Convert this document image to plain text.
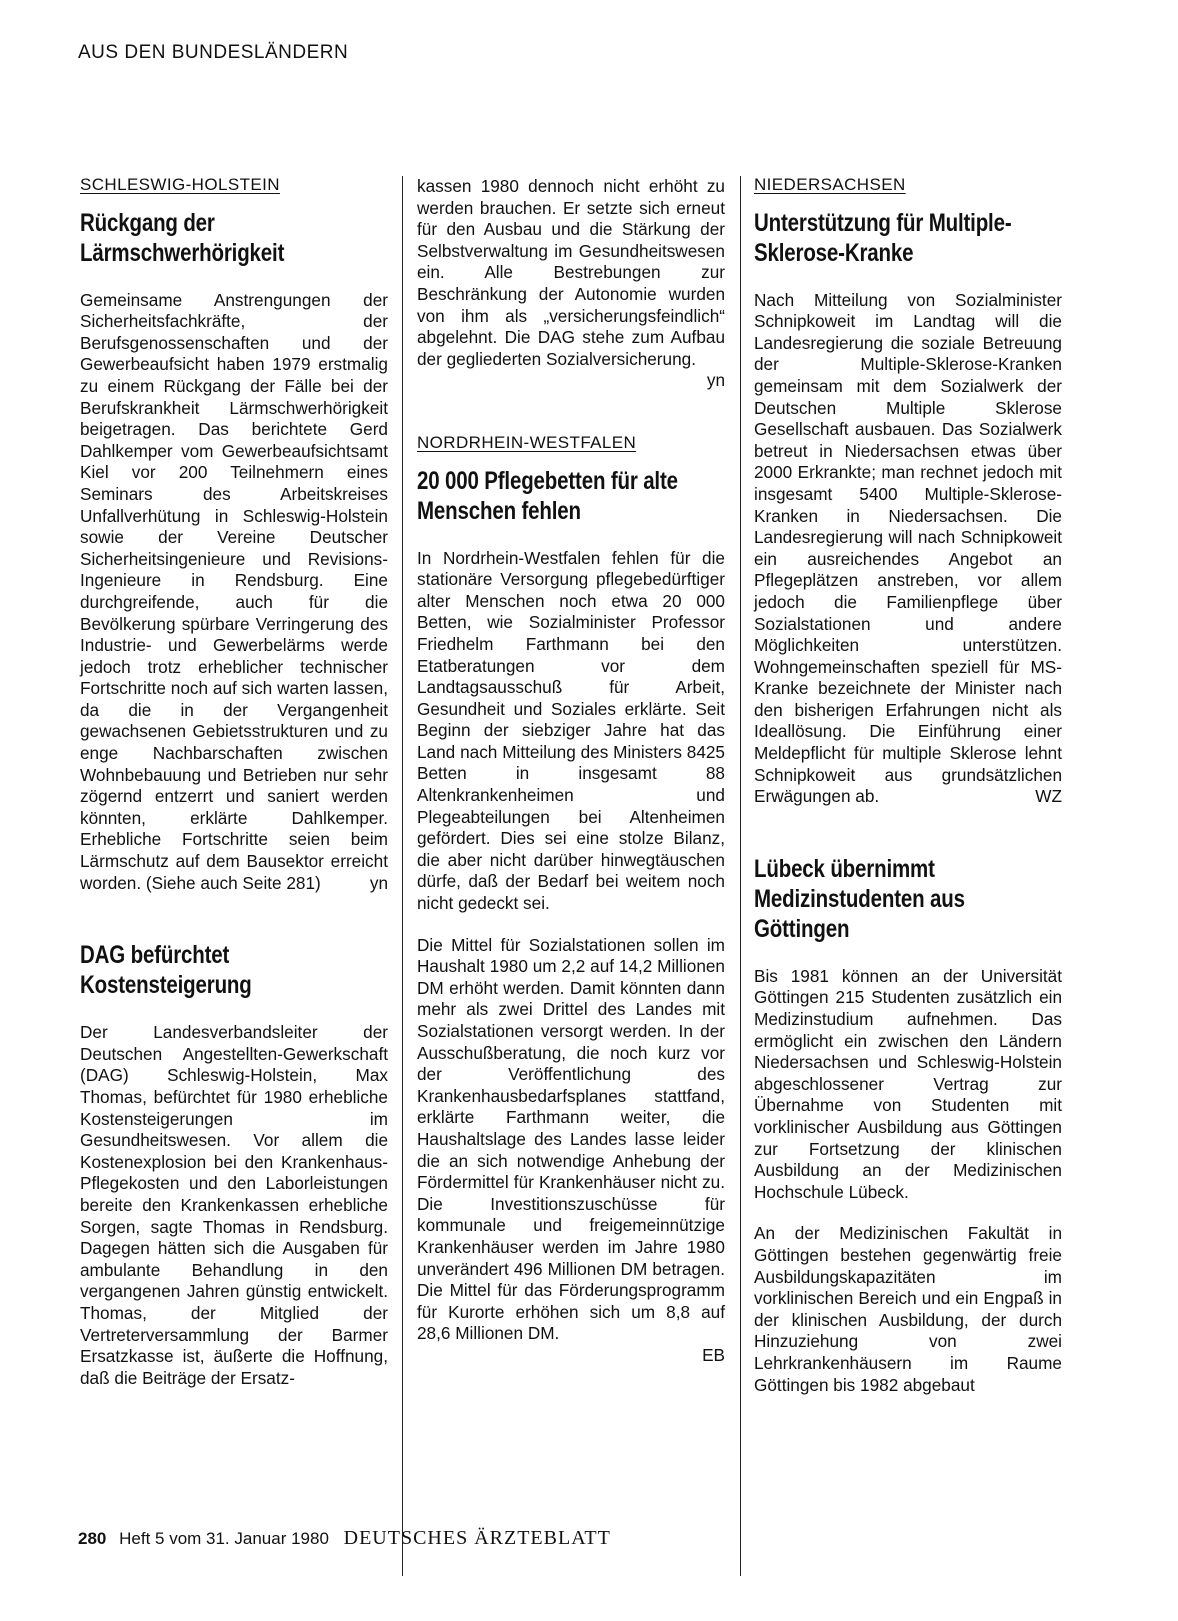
AUS DEN BUNDESLÄNDERN
SCHLESWIG-HOLSTEIN
Rückgang der Lärmschwerhörigkeit

Gemeinsame Anstrengungen der Sicherheitsfachkräfte, der Berufsgenossenschaften und der Gewerbeaufsicht haben 1979 erstmalig zu einem Rückgang der Fälle bei der Berufskrankheit Lärmschwerhörigkeit beigetragen. Das berichtete Gerd Dahlkemper vom Gewerbeaufsichtsamt Kiel vor 200 Teilnehmern eines Seminars des Arbeitskreises Unfallverhütung in Schleswig-Holstein sowie der Vereine Deutscher Sicherheitsingenieure und Revisions-Ingenieure in Rendsburg. Eine durchgreifende, auch für die Bevölkerung spürbare Verringerung des Industrie- und Gewerbelärms werde jedoch trotz erheblicher technischer Fortschritte noch auf sich warten lassen, da die in der Vergangenheit gewachsenen Gebietsstrukturen und zu enge Nachbarschaften zwischen Wohnbebauung und Betrieben nur sehr zögernd entzerrt und saniert werden könnten, erklärte Dahlkemper. Erhebliche Fortschritte seien beim Lärmschutz auf dem Bausektor erreicht worden. (Siehe auch Seite 281)	yn

DAG befürchtet Kostensteigerung

Der Landesverbandsleiter der Deutschen Angestellten-Gewerkschaft (DAG) Schleswig-Holstein, Max Thomas, befürchtet für 1980 erhebliche Kostensteigerungen im Gesundheitswesen. Vor allem die Kostenexplosion bei den Krankenhaus-Pflegekosten und den Laborleistungen bereite den Krankenkassen erhebliche Sorgen, sagte Thomas in Rendsburg. Dagegen hätten sich die Ausgaben für ambulante Behandlung in den vergangenen Jahren günstig entwickelt. Thomas, der Mitglied der Vertreterversammlung der Barmer Ersatzkasse ist, äußerte die Hoffnung, daß die Beiträge der Ersatz-

kassen 1980 dennoch nicht erhöht zu werden brauchen. Er setzte sich erneut für den Ausbau und die Stärkung der Selbstverwaltung im Gesundheitswesen ein. Alle Bestrebungen zur Beschränkung der Autonomie wurden von ihm als „versicherungsfeindlich“ abgelehnt. Die DAG stehe zum Aufbau der gegliederten Sozialversicherung.

yn
NORDRHEIN-WESTFALEN
20 000 Pflegebetten für alte Menschen fehlen

In Nordrhein-Westfalen fehlen für die stationäre Versorgung pflegebedürftiger alter Menschen noch etwa 20 000 Betten, wie Sozialminister Professor Friedhelm Farthmann bei den Etatberatungen vor dem Landtagsausschuß für Arbeit, Gesundheit und Soziales erklärte. Seit Beginn der siebziger Jahre hat das Land nach Mitteilung des Ministers 8425 Betten in insgesamt 88 Altenkrankenheimen und Plegeabteilungen bei Altenheimen gefördert. Dies sei eine stolze Bilanz, die aber nicht darüber hinwegtäuschen dürfe, daß der Bedarf bei weitem noch nicht gedeckt sei.

Die Mittel für Sozialstationen sollen im Haushalt 1980 um 2,2 auf 14,2 Millionen DM erhöht werden. Damit könnten dann mehr als zwei Drittel des Landes mit Sozialstationen versorgt werden. In der Ausschußberatung, die noch kurz vor der Veröffentlichung des Krankenhausbedarfsplanes stattfand, erklärte Farthmann weiter, die Haushaltslage des Landes lasse leider die an sich notwendige Anhebung der Fördermittel für Krankenhäuser nicht zu. Die Investitionszuschüsse für kommunale und freigemeinnützige Krankenhäuser werden im Jahre 1980 unverändert 496 Millionen DM betragen. Die Mittel für das Förderungsprogramm für Kurorte erhöhen sich um 8,8 auf 28,6 Millionen DM.

EB
NIEDERSACHSEN
Unterstützung für Multiple-Sklerose-Kranke

Nach Mitteilung von Sozialminister Schnipkoweit im Landtag will die Landesregierung die soziale Betreuung der Multiple-Sklerose-Kranken gemeinsam mit dem Sozialwerk der Deutschen Multiple Sklerose Gesellschaft ausbauen. Das Sozialwerk betreut in Niedersachsen etwas über 2000 Erkrankte; man rechnet jedoch mit insgesamt 5400 Multiple-Sklerose-Kranken in Niedersachsen. Die Landesregierung will nach Schnipkoweit ein ausreichendes Angebot an Pflegeplätzen anstreben, vor allem jedoch die Familienpflege über Sozialstationen und andere Möglichkeiten unterstützen. Wohngemeinschaften speziell für MS-Kranke bezeichnete der Minister nach den bisherigen Erfahrungen nicht als Ideallösung. Die Einführung einer Meldepflicht für multiple Sklerose lehnt Schnipkoweit aus grundsätzlichen Erwägungen ab.	WZ

Lübeck übernimmt Medizinstudenten aus Göttingen

Bis 1981 können an der Universität Göttingen 215 Studenten zusätzlich ein Medizinstudium aufnehmen. Das ermöglicht ein zwischen den Ländern Niedersachsen und Schleswig-Holstein abgeschlossener Vertrag zur Übernahme von Studenten mit vorklinischer Ausbildung aus Göttingen zur Fortsetzung der klinischen Ausbildung an der Medizinischen Hochschule Lübeck.

An der Medizinischen Fakultät in Göttingen bestehen gegenwärtig freie Ausbildungskapazitäten im vorklinischen Bereich und ein Engpaß in der klinischen Ausbildung, der durch Hinzuziehung von zwei Lehrkrankenhäusern im Raume Göttingen bis 1982 abgebaut

280 Heft 5 vom 31. Januar 1980 DEUTSCHES ÄRZTEBLATT
